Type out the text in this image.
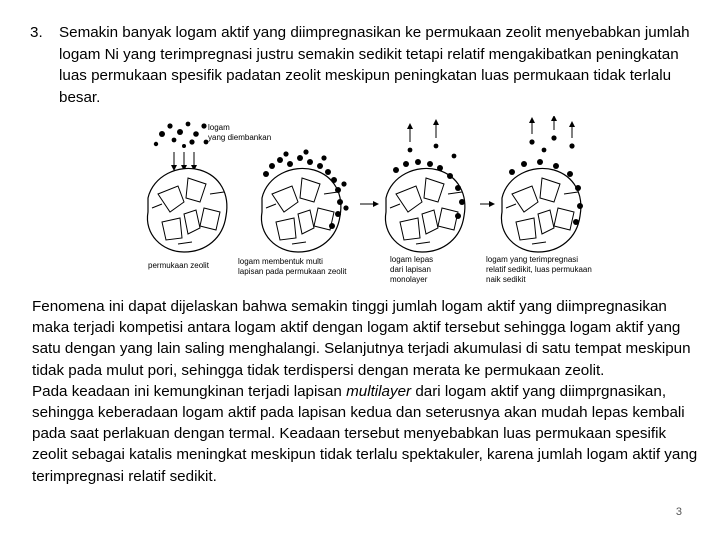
3. Semakin banyak logam aktif yang diimpregnasikan ke permukaan zeolit menyebabkan jumlah logam Ni yang terimpregnasi justru semakin sedikit tetapi relatif mengakibatkan peningkatan luas permukaan spesifik padatan zeolit meskipun peningkatan luas permukaan tidak terlalu besar.
logam
yang diembankan
permukaan zeolit	logam membentuk multi
lapisan pada permukaan zeolit
logam lepas
dari lapisan
monolayer
logam yang terimpregnasi
relatif sedikit, luas permukaan
naik sedikit

Fenomena ini dapat dijelaskan bahwa semakin tinggi jumlah logam aktif yang diimpregnasikan maka terjadi kompetisi antara logam aktif dengan logam aktif tersebut sehingga logam aktif yang satu dengan yang lain saling menghalangi. Selanjutnya terjadi akumulasi di satu tempat meskipun tidak pada mulut pori, sehingga tidak terdispersi dengan merata ke permukaan zeolit.

Pada keadaan ini kemungkinan terjadi lapisan multilayer dari logam aktif yang diimprgnasikan, sehingga keberadaan logam aktif pada lapisan kedua dan seterusnya akan mudah lepas kembali pada saat perlakuan dengan termal. Keadaan tersebut menyebabkan luas permukaan spesifik zeolit sebagai katalis meningkat meskipun tidak terlalu spektakuler, karena jumlah logam aktif yang terimpregnasi relatif sedikit.

3
